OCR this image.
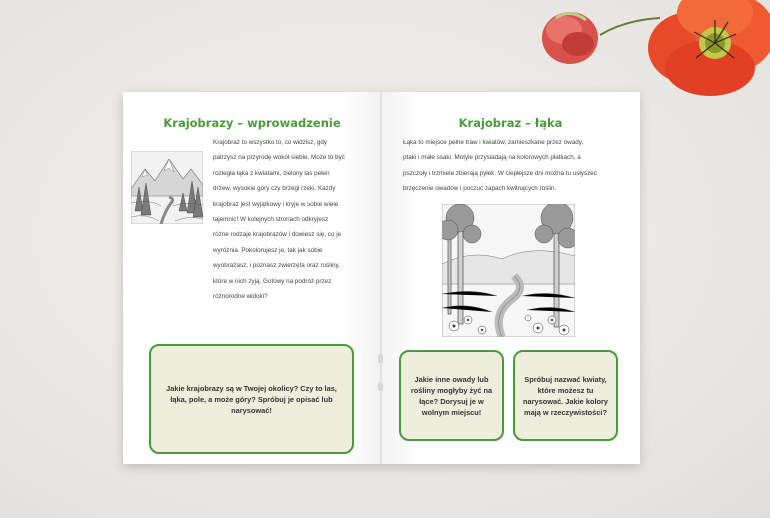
Krajobrazy – wprowadzenie
Krajobraz to wszystko to, co widzisz, gdy
patrzysz na przyrodę wokół siebie. Może to być
rozległa łąka z kwiatami, zielony las pełen
drzew, wysokie góry czy brzegi rzeki. Każdy
krajobraz jest wyjątkowy i kryje w sobie wiele
tajemnic! W kolejnych stronach odkryjesz
różne rodzaje krajobrazów i dowiesz się, co je
wyróżnia. Pokolorujesz je, tak jak sobie
wyobrażasz, i poznasz zwierzęta oraz rośliny,
które w nich żyją. Gotowy na podróż przez
różnorodne widoki?
Jakie krajobrazy są w Twojej okolicy? Czy to las, łąka, pole, a może góry? Spróbuj je opisać lub narysować!
Krajobraz – łąka
Łąka to miejsce pełne traw i kwiatów, zamieszkane przez owady,
ptaki i małe ssaki. Motyle przysiadają na kolorowych płatkach, a
pszczoły i trzmiele zbierają pyłek. W ciepłejsze dni można tu usłyszeć
brzęczenie owadów i poczuć zapach kwitnących roślin.
Jakie inne owady lub rośliny mogłyby żyć na łące? Dorysuj je w wolnym miejscu!
Spróbuj nazwać kwiaty, które możesz tu narysować. Jakie kolory mają w rzeczywistości?
